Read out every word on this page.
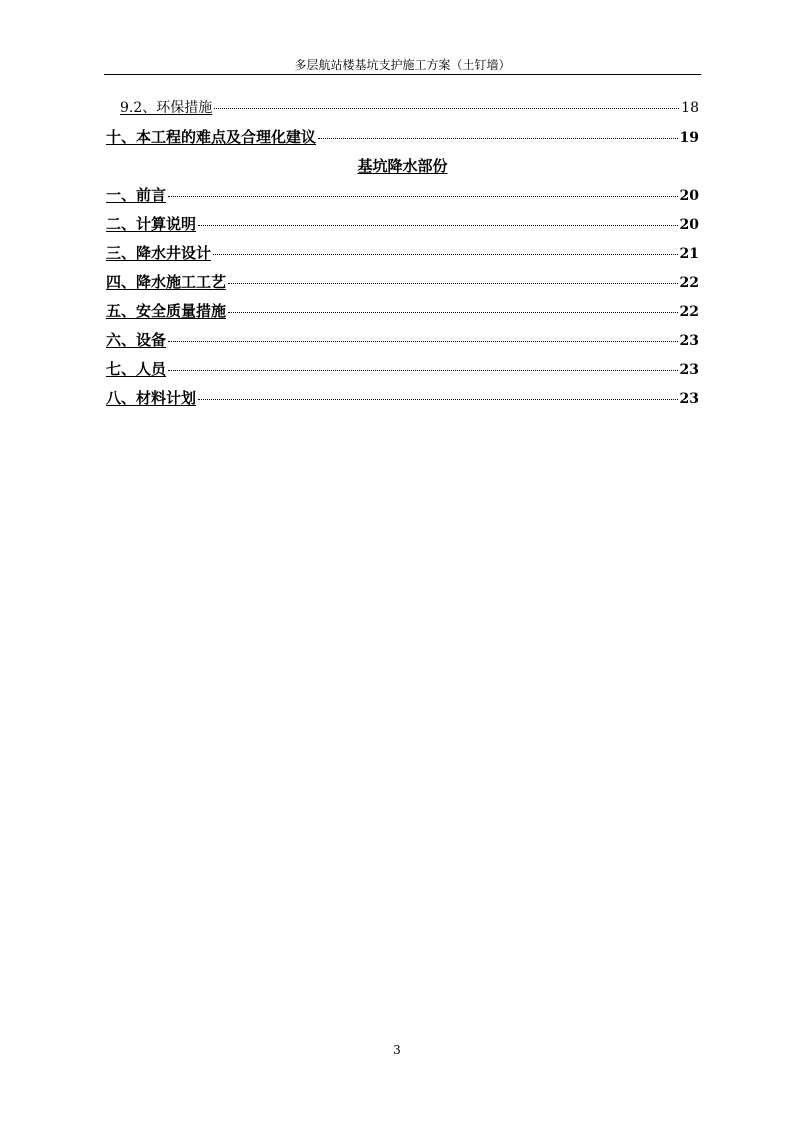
多层航站楼基坑支护施工方案（土钉墙）
9.2、环保措施	18
十、本工程的难点及合理化建议	19
基坑降水部份
一、前言	20
二、计算说明	20
三、降水井设计	21
四、降水施工工艺	22
五、安全质量措施	22
六、设备	23
七、人员	23
八、材料计划	23
3
